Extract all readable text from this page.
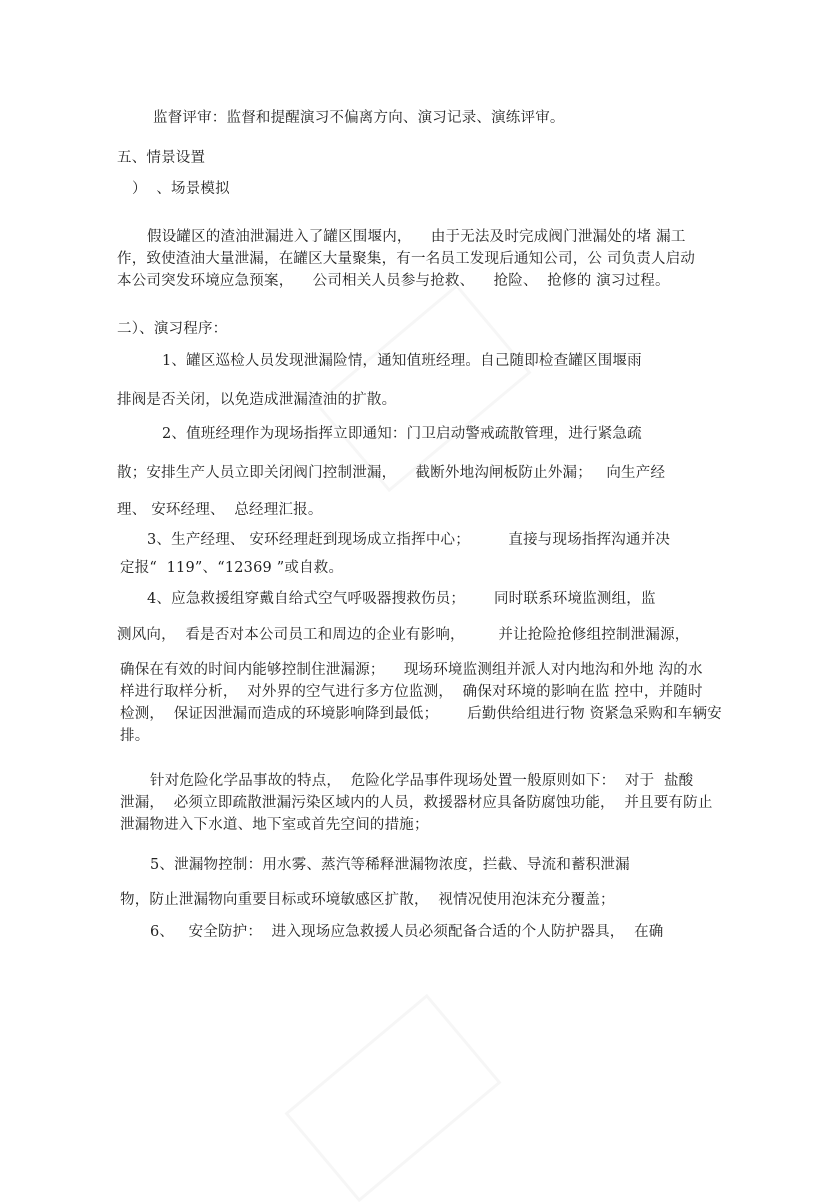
监督评审：监督和提醒演习不偏离方向、演习记录、演练评审。
五、情景设置
）  、场景模拟
假设罐区的渣油泄漏进入了罐区围堰内，    由于无法及时完成阀门泄漏处的堵 漏工
作，致使渣油大量泄漏，在罐区大量聚集，有一名员工发现后通知公司，公 司负责人启动
本公司突发环境应急预案，    公司相关人员参与抢救、    抢险、  抢修的 演习过程。
二）、演习程序：
1、罐区巡检人员发现泄漏险情，通知值班经理。自己随即检查罐区围堰雨
排阀是否关闭，以免造成泄漏渣油的扩散。
2、值班经理作为现场指挥立即通知：门卫启动警戒疏散管理，进行紧急疏
散；安排生产人员立即关闭阀门控制泄漏，    截断外地沟闸板防止外漏；   向生产经
理、 安环经理、  总经理汇报。
3、生产经理、 安环经理赶到现场成立指挥中心；        直接与现场指挥沟通并决
定报“  119”、“12369 ”或自救。
4、应急救援组穿戴自给式空气呼吸器搜救伤员；      同时联系环境监测组，监
测风向，  看是否对本公司员工和周边的企业有影响，       并让抢险抢修组控制泄漏源，
确保在有效的时间内能够控制住泄漏源；    现场环境监测组并派人对内地沟和外地 沟的水
样进行取样分析，  对外界的空气进行多方位监测，  确保对环境的影响在监 控中，并随时
检测，  保证因泄漏而造成的环境影响降到最低；      后勤供给组进行物 资紧急采购和车辆安
排。
针对危险化学品事故的特点，  危险化学品事件现场处置一般原则如下：  对于  盐酸
泄漏，  必须立即疏散泄漏污染区域内的人员，救援器材应具备防腐蚀功能，  并且要有防止
泄漏物进入下水道、地下室或首先空间的措施；
5、泄漏物控制：用水雾、蒸汽等稀释泄漏物浓度，拦截、导流和蓄积泄漏
物，防止泄漏物向重要目标或环境敏感区扩散，  视情况使用泡沫充分覆盖；
6、   安全防护：  进入现场应急救援人员必须配备合适的个人防护器具，  在确
